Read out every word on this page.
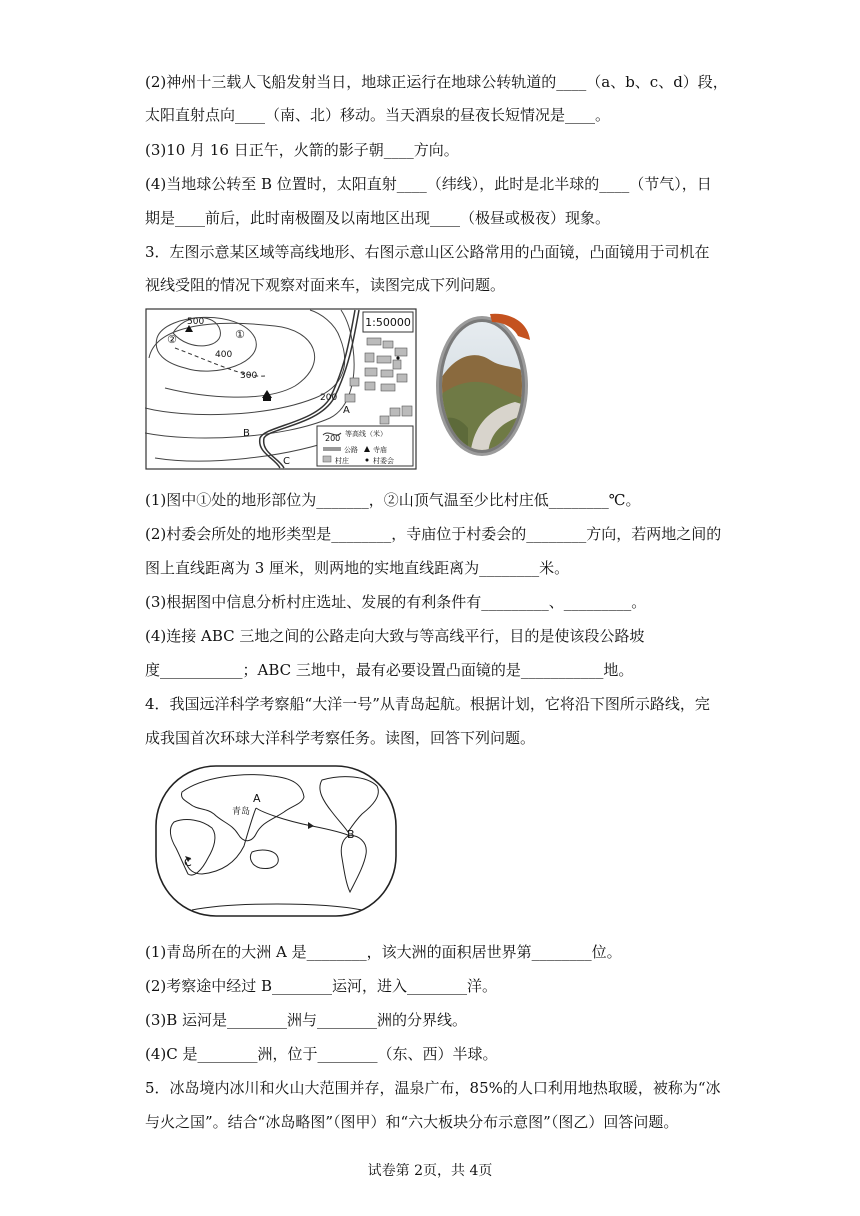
(2)神州十三载人飞船发射当日，地球正运行在地球公转轨道的____（a、b、c、d）段，
太阳直射点向____（南、北）移动。当天酒泉的昼夜长短情况是____。
(3)10 月 16 日正午，火箭的影子朝____方向。
(4)当地球公转至 B 位置时，太阳直射____（纬线），此时是北半球的____（节气），日
期是____前后，此时南极圈及以南地区出现____（极昼或极夜）现象。
3．左图示意某区域等高线地形、右图示意山区公路常用的凸面镜，凸面镜用于司机在
视线受阻的情况下观察对面来车，读图完成下列问题。
1:50000
500
400
300
200
①
②
A
B
C
200 等高线（米）
公路 寺庙
村庄	村委会
(1)图中①处的地形部位为_______，②山顶气温至少比村庄低________℃。
(2)村委会所处的地形类型是________，寺庙位于村委会的________方向，若两地之间的
图上直线距离为 3 厘米，则两地的实地直线距离为________米。
(3)根据图中信息分析村庄选址、发展的有利条件有_________、_________。
(4)连接 ABC 三地之间的公路走向大致与等高线平行，目的是使该段公路坡
度___________；ABC 三地中，最有必要设置凸面镜的是___________地。
4．我国远洋科学考察船“大洋一号”从青岛起航。根据计划，它将沿下图所示路线，完
成我国首次环球大洋科学考察任务。读图，回答下列问题。
青岛
A
B
C
(1)青岛所在的大洲 A 是________，该大洲的面积居世界第________位。
(2)考察途中经过 B________运河，进入________洋。
(3)B 运河是________洲与________洲的分界线。
(4)C 是________洲，位于________（东、西）半球。
5．冰岛境内冰川和火山大范围并存，温泉广布，85%的人口利用地热取暖，被称为“冰
与火之国”。结合“冰岛略图”（图甲）和“六大板块分布示意图”（图乙）回答问题。
试卷第 2页，共 4页
